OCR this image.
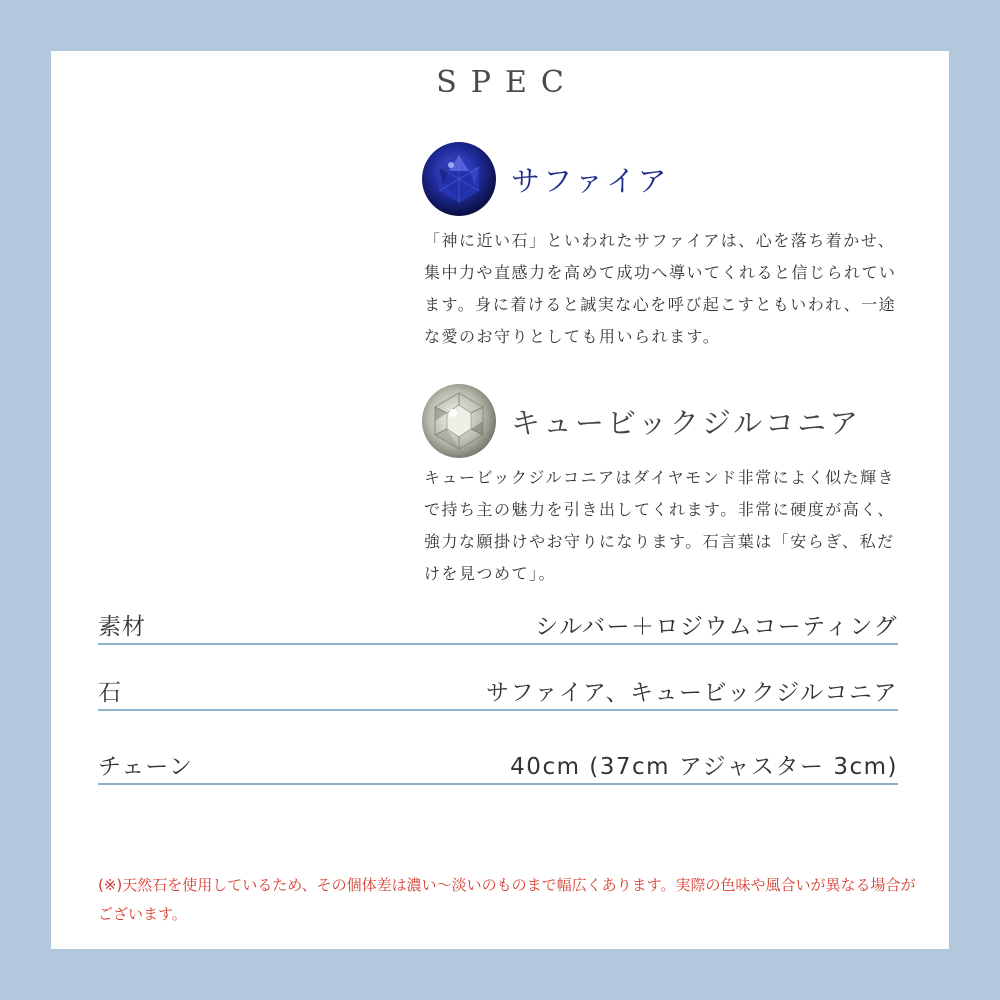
SPEC
サファイア
「神に近い石」といわれたサファイアは、心を落ち着かせ、集中力や直感力を高めて成功へ導いてくれると信じられています。身に着けると誠実な心を呼び起こすともいわれ、一途な愛のお守りとしても用いられます。
キュービックジルコニア
キュービックジルコニアはダイヤモンド非常によく似た輝きで持ち主の魅力を引き出してくれます。非常に硬度が高く、強力な願掛けやお守りになります。石言葉は「安らぎ、私だけを見つめて」。
素材	シルバー＋ロジウムコーティング
石	サファイア、キュービックジルコニア
チェーン	40cm (37cm アジャスター 3cm)
(※)天然石を使用しているため、その個体差は濃い～淡いのものまで幅広くあります。実際の色味や風合いが異なる場合がございます。
